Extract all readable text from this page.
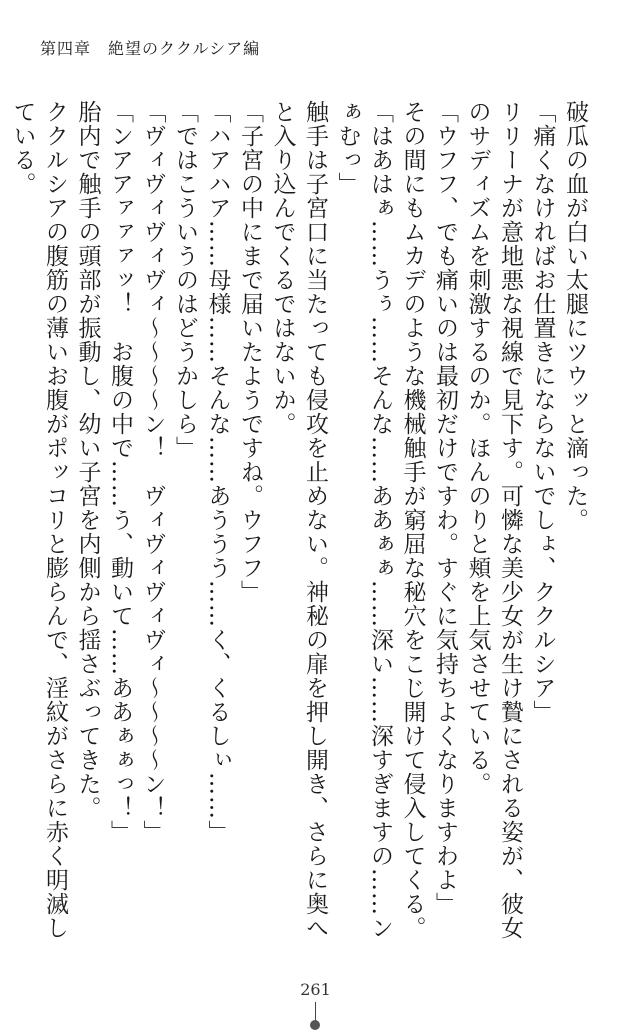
第四章　絶望のククルシア編

破瓜の血が白い太腿にツウッと滴った。

「痛くなければお仕置きにならないでしょ、ククルシア」

リリーナが意地悪な視線で見下す。可憐な美少女が生け贄にされる姿が、彼女のサディズムを刺激するのか。ほんのりと頬を上気させている。

「ウフフ、でも痛いのは最初だけですわ。すぐに気持ちよくなりますわよ」

その間にもムカデのような機械触手が窮屈な秘穴をこじ開けて侵入してくる。

「はあはぁ……うぅ……そんな……ああぁぁ……深い……深すぎますの……ンぁむっ」

触手は子宮口に当たっても侵攻を止めない。神秘の扉を押し開き、さらに奥へと入り込んでくるではないか。

「子宮の中にまで届いたようですね。ウフフ」

「ハアハア……母様……そんな……あううう……く、くるしぃ……」

「ではこういうのはどうかしら」

「ヴィヴィヴィヴィ〜〜〜〜ン！　ヴィヴィヴィヴィ〜〜〜〜ン！」

「ンアアァァァッ！　お腹の中で……う、動いて……ああぁぁっ！」

胎内で触手の頭部が振動し、幼い子宮を内側から揺さぶってきた。

ククルシアの腹筋の薄いお腹がポッコリと膨らんで、淫紋がさらに赤く明滅している。

261
